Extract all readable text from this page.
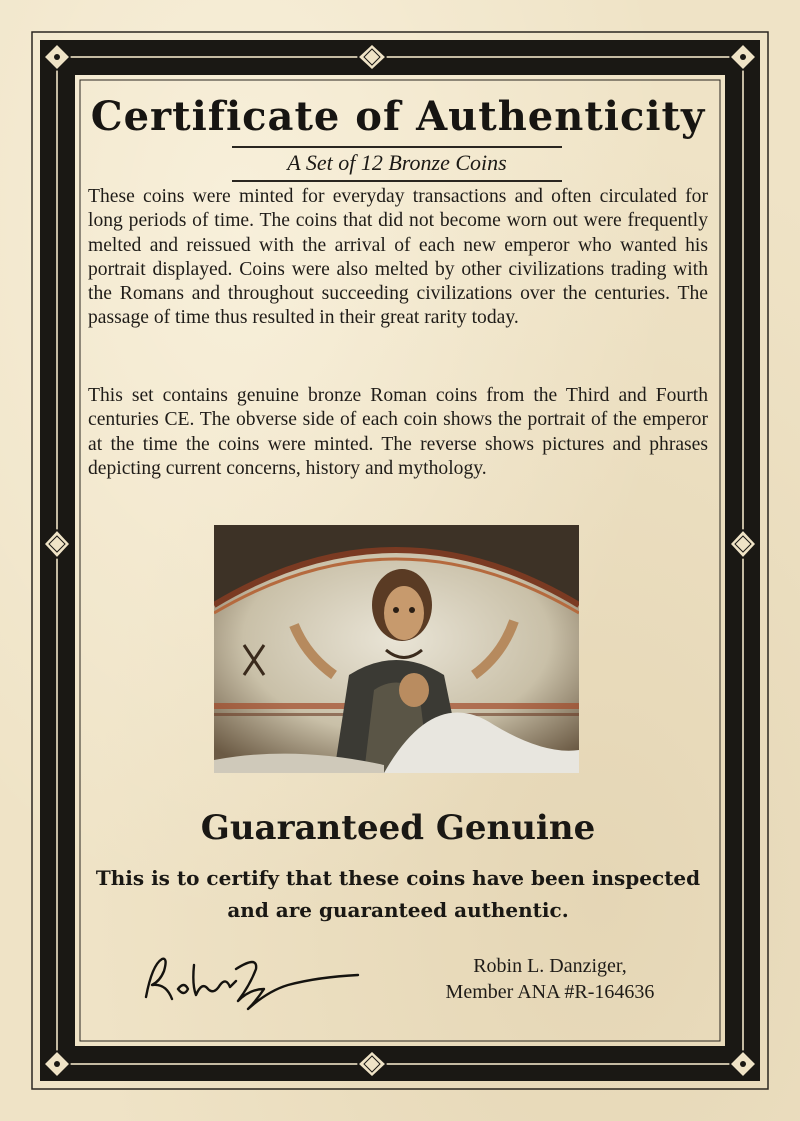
Certificate of Authenticity
A Set of 12 Bronze Coins

These coins were minted for everyday transactions and often circulated for long periods of time. The coins that did not become worn out were frequently melted and reissued with the arrival of each new emperor who wanted his portrait displayed. Coins were also melted by other civilizations trading with the Romans and throughout succeeding civilizations over the centuries. The passage of time thus resulted in their great rarity today.

This set contains genuine bronze Roman coins from the Third and Fourth centuries CE. The obverse side of each coin shows the portrait of the emperor at the time the coins were minted. The reverse shows pictures and phrases depicting current concerns, history and mythology.

Guaranteed Genuine
This is to certify that these coins have been inspected
and are guaranteed authentic.
Robin L. Danziger,
Member ANA #R-164636
